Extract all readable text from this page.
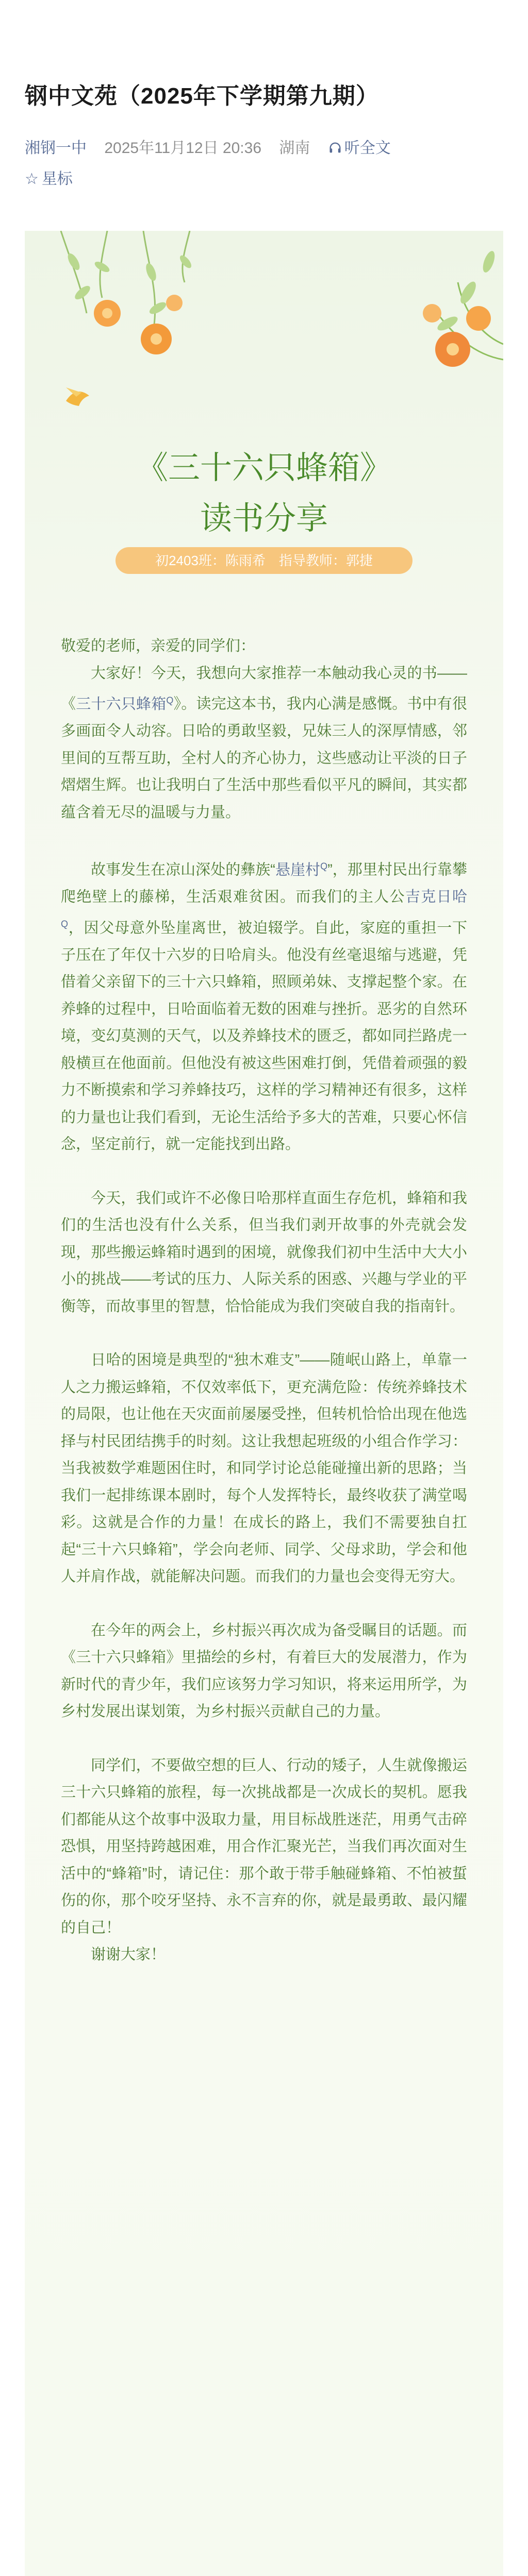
钢中文苑（2025年下学期第九期）
湘钢一中 2025年11月12日 20:36 湖南 听全文
☆ 星标
《三十六只蜂箱》
读书分享
初2403班：陈雨希　指导教师：郭捷

敬爱的老师，亲爱的同学们：

大家好！今天，我想向大家推荐一本触动我心灵的书——《三十六只蜂箱$^Q$》。读完这本书，我内心满是感慨。书中有很多画面令人动容。日哈的勇敢坚毅，兄妹三人的深厚情感，邻里间的互帮互助，全村人的齐心协力，这些感动让平淡的日子熠熠生辉。也让我明白了生活中那些看似平凡的瞬间，其实都蕴含着无尽的温暖与力量。

故事发生在凉山深处的彝族“悬崖村$^Q$”，那里村民出行靠攀爬绝壁上的藤梯，生活艰难贫困。而我们的主人公吉克日哈$^Q$，因父母意外坠崖离世，被迫辍学。自此，家庭的重担一下子压在了年仅十六岁的日哈肩头。他没有丝毫退缩与逃避，凭借着父亲留下的三十六只蜂箱，照顾弟妹、支撑起整个家。在养蜂的过程中，日哈面临着无数的困难与挫折。恶劣的自然环境，变幻莫测的天气，以及养蜂技术的匮乏，都如同拦路虎一般横亘在他面前。但他没有被这些困难打倒，凭借着顽强的毅力不断摸索和学习养蜂技巧，这样的学习精神还有很多，这样的力量也让我们看到，无论生活给予多大的苦难，只要心怀信念，坚定前行，就一定能找到出路。

今天，我们或许不必像日哈那样直面生存危机，蜂箱和我们的生活也没有什么关系，但当我们剥开故事的外壳就会发现，那些搬运蜂箱时遇到的困境，就像我们初中生活中大大小小的挑战——考试的压力、人际关系的困惑、兴趣与学业的平衡等，而故事里的智慧，恰恰能成为我们突破自我的指南针。

日哈的困境是典型的“独木难支”——随岷山路上，单靠一人之力搬运蜂箱，不仅效率低下，更充满危险：传统养蜂技术的局限，也让他在天灾面前屡屡受挫，但转机恰恰出现在他选择与村民团结携手的时刻。这让我想起班级的小组合作学习：当我被数学难题困住时，和同学讨论总能碰撞出新的思路；当我们一起排练课本剧时，每个人发挥特长，最终收获了满堂喝彩。这就是合作的力量！在成长的路上，我们不需要独自扛起“三十六只蜂箱”，学会向老师、同学、父母求助，学会和他人并肩作战，就能解决问题。而我们的力量也会变得无穷大。

在今年的两会上，乡村振兴再次成为备受瞩目的话题。而《三十六只蜂箱》里描绘的乡村，有着巨大的发展潜力，作为新时代的青少年，我们应该努力学习知识，将来运用所学，为乡村发展出谋划策，为乡村振兴贡献自己的力量。

同学们，不要做空想的巨人、行动的矮子，人生就像搬运三十六只蜂箱的旅程，每一次挑战都是一次成长的契机。愿我们都能从这个故事中汲取力量，用目标战胜迷茫，用勇气击碎恐惧，用坚持跨越困难，用合作汇聚光芒，当我们再次面对生活中的“蜂箱”时，请记住：那个敢于带手触碰蜂箱、不怕被蜇伤的你，那个咬牙坚持、永不言弃的你，就是最勇敢、最闪耀的自己！

谢谢大家！
